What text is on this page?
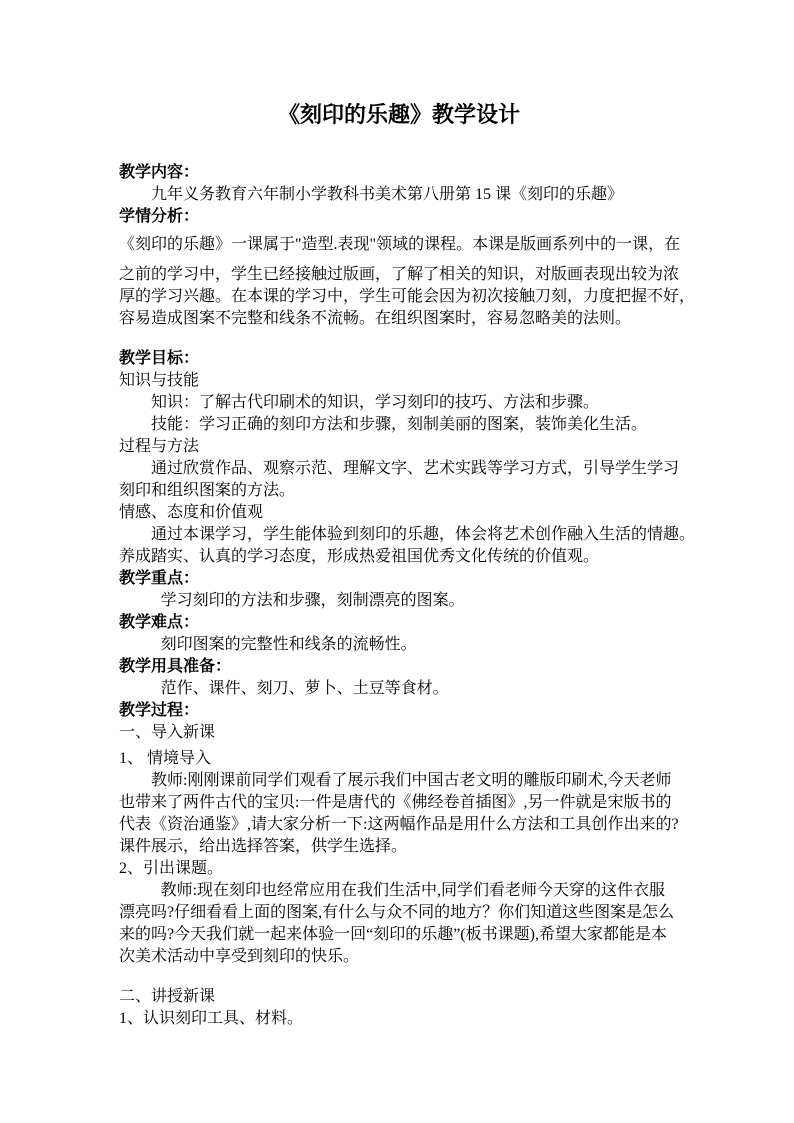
《刻印的乐趣》教学设计
教学内容：
九年义务教育六年制小学教科书美术第八册第 15 课《刻印的乐趣》
学情分析：
《刻印的乐趣》一课属于"造型.表现"领域的课程。本课是版画系列中的一课，在
之前的学习中，学生已经接触过版画，了解了相关的知识，对版画表现出较为浓
厚的学习兴趣。在本课的学习中，学生可能会因为初次接触刀刻，力度把握不好，
容易造成图案不完整和线条不流畅。在组织图案时，容易忽略美的法则。
教学目标：
知识与技能
知识：了解古代印刷术的知识，学习刻印的技巧、方法和步骤。
技能：学习正确的刻印方法和步骤，刻制美丽的图案，装饰美化生活。
过程与方法
通过欣赏作品、观察示范、理解文字、艺术实践等学习方式，引导学生学习
刻印和组织图案的方法。
情感、态度和价值观
通过本课学习，学生能体验到刻印的乐趣，体会将艺术创作融入生活的情趣。
养成踏实、认真的学习态度，形成热爱祖国优秀文化传统的价值观。
教学重点：
学习刻印的方法和步骤，刻制漂亮的图案。
教学难点：
刻印图案的完整性和线条的流畅性。
教学用具准备：
范作、课件、刻刀、萝卜、土豆等食材。
教学过程：
一、导入新课
1、 情境导入
教师:刚刚课前同学们观看了展示我们中国古老文明的雕版印刷术,今天老师
也带来了两件古代的宝贝:一件是唐代的《佛经卷首插图》,另一件就是宋版书的
代表《资治通鉴》,请大家分析一下:这两幅作品是用什么方法和工具创作出来的?
课件展示，给出选择答案，供学生选择。
2、引出课题。
教师:现在刻印也经常应用在我们生活中,同学们看老师今天穿的这件衣服
漂亮吗?仔细看看上面的图案,有什么与众不同的地方？你们知道这些图案是怎么
来的吗?今天我们就一起来体验一回“刻印的乐趣”(板书课题),希望大家都能是本
次美术活动中享受到刻印的快乐。
二、讲授新课
1、认识刻印工具、材料。
